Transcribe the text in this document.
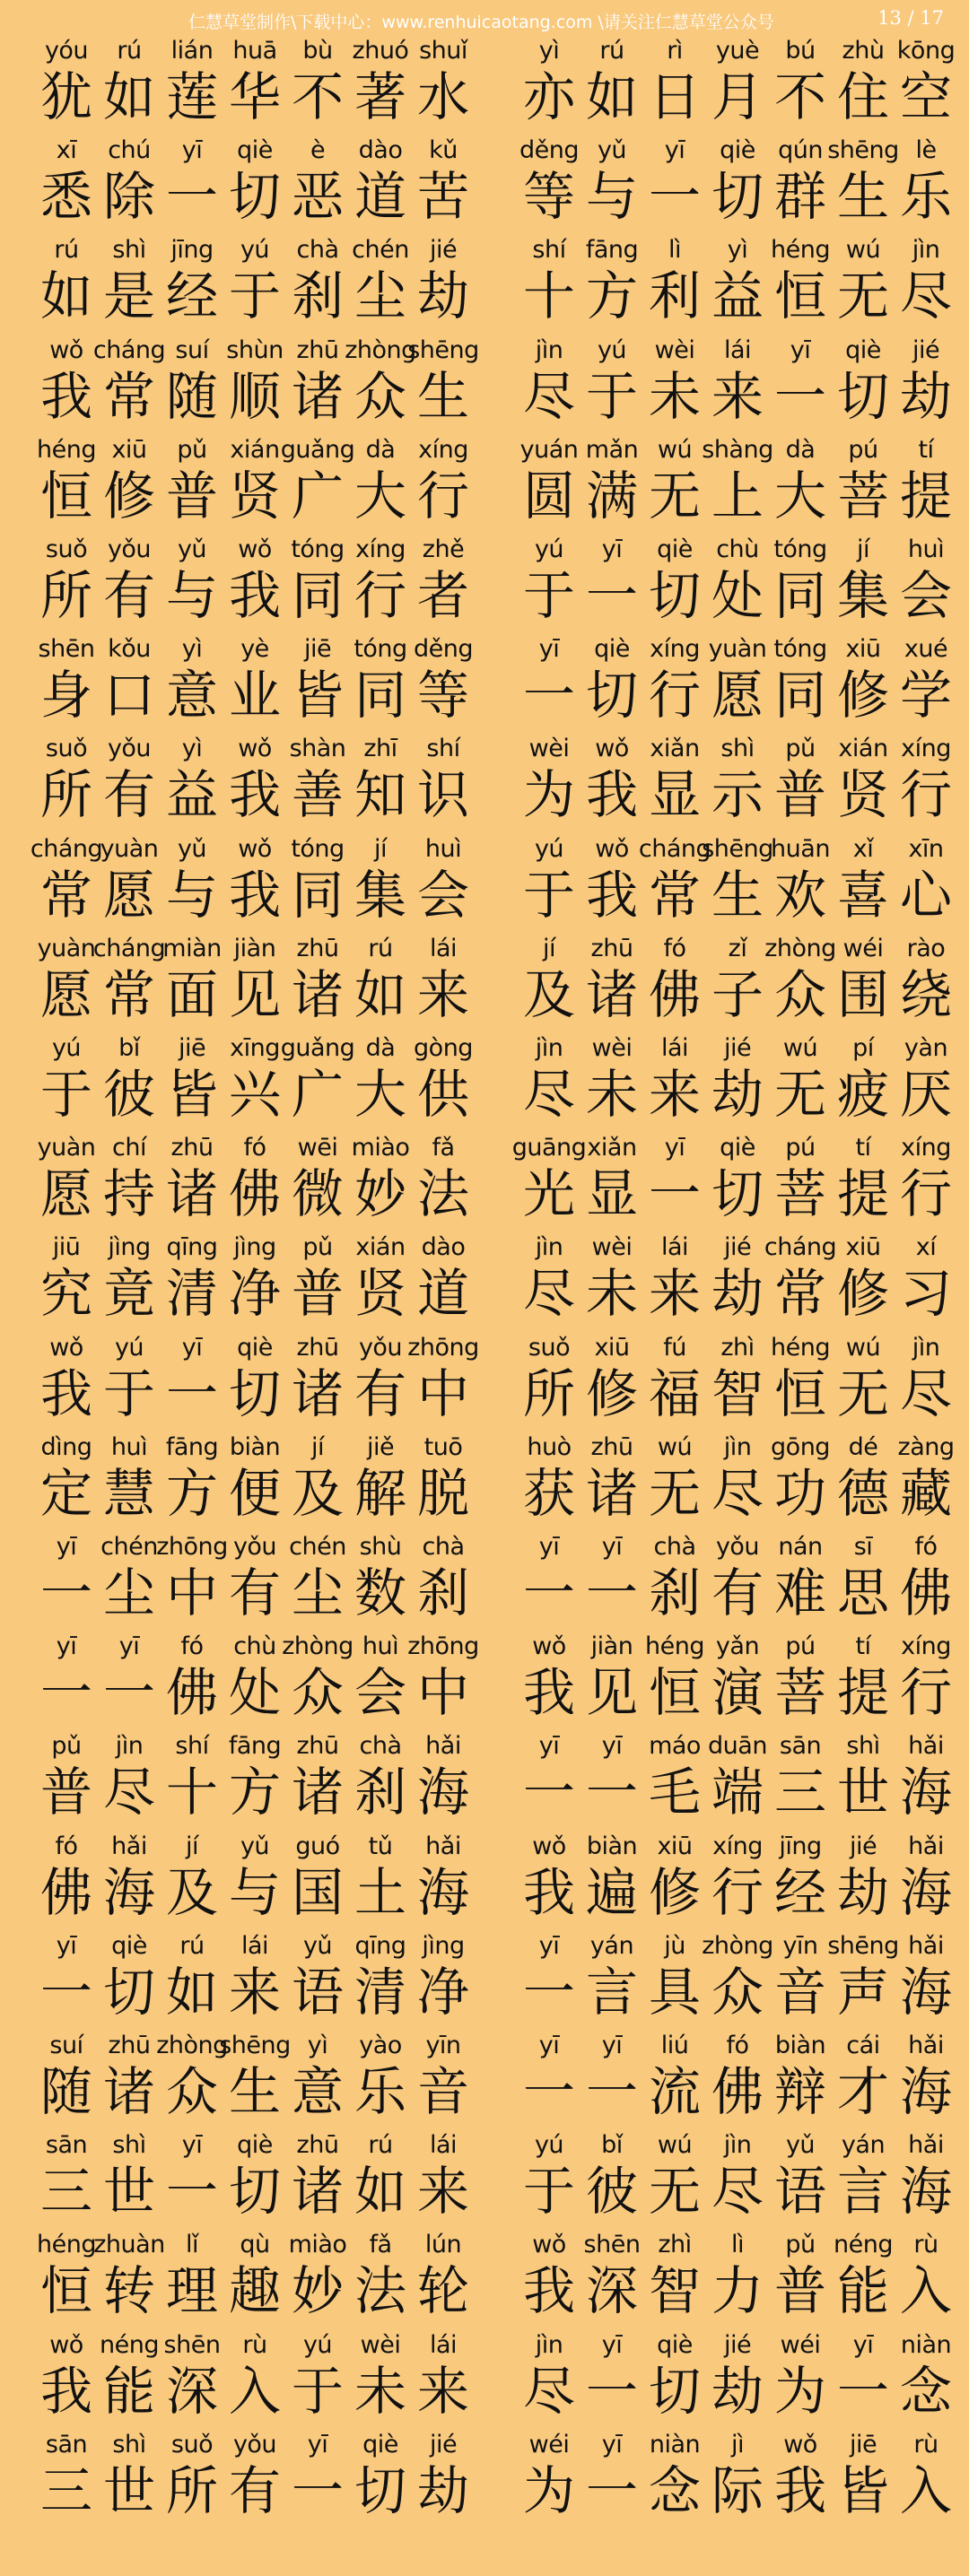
仁慧草堂制作\下载中心：www.renhuicaotang.com \请关注仁慧草堂公众号	13 / 17
yóu
犹
rú
如
lián
莲
huā
华
bù
不
zhuó
著
shuǐ
水
xī
悉
chú
除
yī
一
qiè
切
è
恶
dào
道
kǔ
苦
rú
如
shì
是
jīng
经
yú
于
chà
刹
chén
尘
jié
劫
wǒ
我
cháng
常
suí
随
shùn
顺
zhū
诸
zhòng
众
shēng
生
héng
恒
xiū
修
pǔ
普
xián
贤
guǎng
广
dà
大
xíng
行
suǒ
所
yǒu
有
yǔ
与
wǒ
我
tóng
同
xíng
行
zhě
者
shēn
身
kǒu
口
yì
意
yè
业
jiē
皆
tóng
同
děng
等
suǒ
所
yǒu
有
yì
益
wǒ
我
shàn
善
zhī
知
shí
识
cháng
常
yuàn
愿
yǔ
与
wǒ
我
tóng
同
jí
集
huì
会
yuàn
愿
cháng
常
miàn
面
jiàn
见
zhū
诸
rú
如
lái
来
yú
于
bǐ
彼
jiē
皆
xīng
兴
guǎng
广
dà
大
gòng
供
yuàn
愿
chí
持
zhū
诸
fó
佛
wēi
微
miào
妙
fǎ
法
jiū
究
jìng
竟
qīng
清
jìng
净
pǔ
普
xián
贤
dào
道
wǒ
我
yú
于
yī
一
qiè
切
zhū
诸
yǒu
有
zhōng
中
dìng
定
huì
慧
fāng
方
biàn
便
jí
及
jiě
解
tuō
脱
yī
一
chén
尘
zhōng
中
yǒu
有
chén
尘
shù
数
chà
刹
yī
一
yī
一
fó
佛
chù
处
zhòng
众
huì
会
zhōng
中
pǔ
普
jìn
尽
shí
十
fāng
方
zhū
诸
chà
刹
hǎi
海
fó
佛
hǎi
海
jí
及
yǔ
与
guó
国
tǔ
土
hǎi
海
yī
一
qiè
切
rú
如
lái
来
yǔ
语
qīng
清
jìng
净
suí
随
zhū
诸
zhòng
众
shēng
生
yì
意
yào
乐
yīn
音
sān
三
shì
世
yī
一
qiè
切
zhū
诸
rú
如
lái
来
héng
恒
zhuàn
转
lǐ
理
qù
趣
miào
妙
fǎ
法
lún
轮
wǒ
我
néng
能
shēn
深
rù
入
yú
于
wèi
未
lái
来
sān
三
shì
世
suǒ
所
yǒu
有
yī
一
qiè
切
jié
劫
yì
亦
rú
如
rì
日
yuè
月
bú
不
zhù
住
kōng
空
děng
等
yǔ
与
yī
一
qiè
切
qún
群
shēng
生
lè
乐
shí
十
fāng
方
lì
利
yì
益
héng
恒
wú
无
jìn
尽
jìn
尽
yú
于
wèi
未
lái
来
yī
一
qiè
切
jié
劫
yuán
圆
mǎn
满
wú
无
shàng
上
dà
大
pú
菩
tí
提
yú
于
yī
一
qiè
切
chù
处
tóng
同
jí
集
huì
会
yī
一
qiè
切
xíng
行
yuàn
愿
tóng
同
xiū
修
xué
学
wèi
为
wǒ
我
xiǎn
显
shì
示
pǔ
普
xián
贤
xíng
行
yú
于
wǒ
我
cháng
常
shēng
生
huān
欢
xǐ
喜
xīn
心
jí
及
zhū
诸
fó
佛
zǐ
子
zhòng
众
wéi
围
rào
绕
jìn
尽
wèi
未
lái
来
jié
劫
wú
无
pí
疲
yàn
厌
guāng
光
xiǎn
显
yī
一
qiè
切
pú
菩
tí
提
xíng
行
jìn
尽
wèi
未
lái
来
jié
劫
cháng
常
xiū
修
xí
习
suǒ
所
xiū
修
fú
福
zhì
智
héng
恒
wú
无
jìn
尽
huò
获
zhū
诸
wú
无
jìn
尽
gōng
功
dé
德
zàng
藏
yī
一
yī
一
chà
刹
yǒu
有
nán
难
sī
思
fó
佛
wǒ
我
jiàn
见
héng
恒
yǎn
演
pú
菩
tí
提
xíng
行
yī
一
yī
一
máo
毛
duān
端
sān
三
shì
世
hǎi
海
wǒ
我
biàn
遍
xiū
修
xíng
行
jīng
经
jié
劫
hǎi
海
yī
一
yán
言
jù
具
zhòng
众
yīn
音
shēng
声
hǎi
海
yī
一
yī
一
liú
流
fó
佛
biàn
辩
cái
才
hǎi
海
yú
于
bǐ
彼
wú
无
jìn
尽
yǔ
语
yán
言
hǎi
海
wǒ
我
shēn
深
zhì
智
lì
力
pǔ
普
néng
能
rù
入
jìn
尽
yī
一
qiè
切
jié
劫
wéi
为
yī
一
niàn
念
wéi
为
yī
一
niàn
念
jì
际
wǒ
我
jiē
皆
rù
入
